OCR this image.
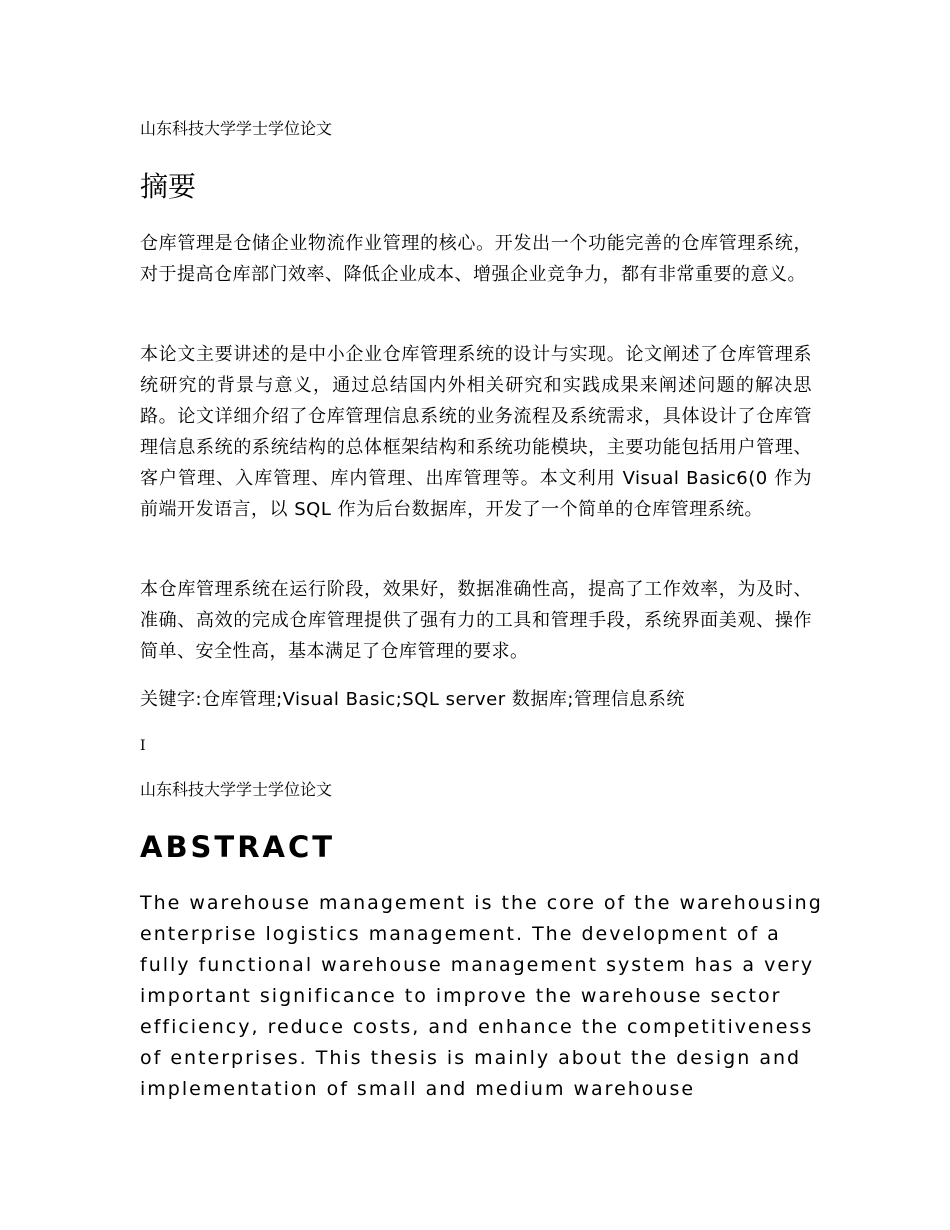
山东科技大学学士学位论文
摘要
仓库管理是仓储企业物流作业管理的核心。开发出一个功能完善的仓库管理系统，对于提高仓库部门效率、降低企业成本、增强企业竞争力，都有非常重要的意义。
本论文主要讲述的是中小企业仓库管理系统的设计与实现。论文阐述了仓库管理系统研究的背景与意义，通过总结国内外相关研究和实践成果来阐述问题的解决思路。论文详细介绍了仓库管理信息系统的业务流程及系统需求，具体设计了仓库管理信息系统的系统结构的总体框架结构和系统功能模块，主要功能包括用户管理、客户管理、入库管理、库内管理、出库管理等。本文利用 Visual Basic6(0 作为前端开发语言，以 SQL 作为后台数据库，开发了一个简单的仓库管理系统。
本仓库管理系统在运行阶段，效果好，数据准确性高，提高了工作效率，为及时、准确、高效的完成仓库管理提供了强有力的工具和管理手段，系统界面美观、操作简单、安全性高，基本满足了仓库管理的要求。
关键字:仓库管理;Visual Basic;SQL server 数据库;管理信息系统
I
山东科技大学学士学位论文
ABSTRACT
The warehouse management is the core of the warehousing
enterprise logistics management. The development of a
fully functional warehouse management system has a very
important significance to improve the warehouse sector
efficiency, reduce costs, and enhance the competitiveness
of enterprises. This thesis is mainly about the design and
implementation of small and medium warehouse
